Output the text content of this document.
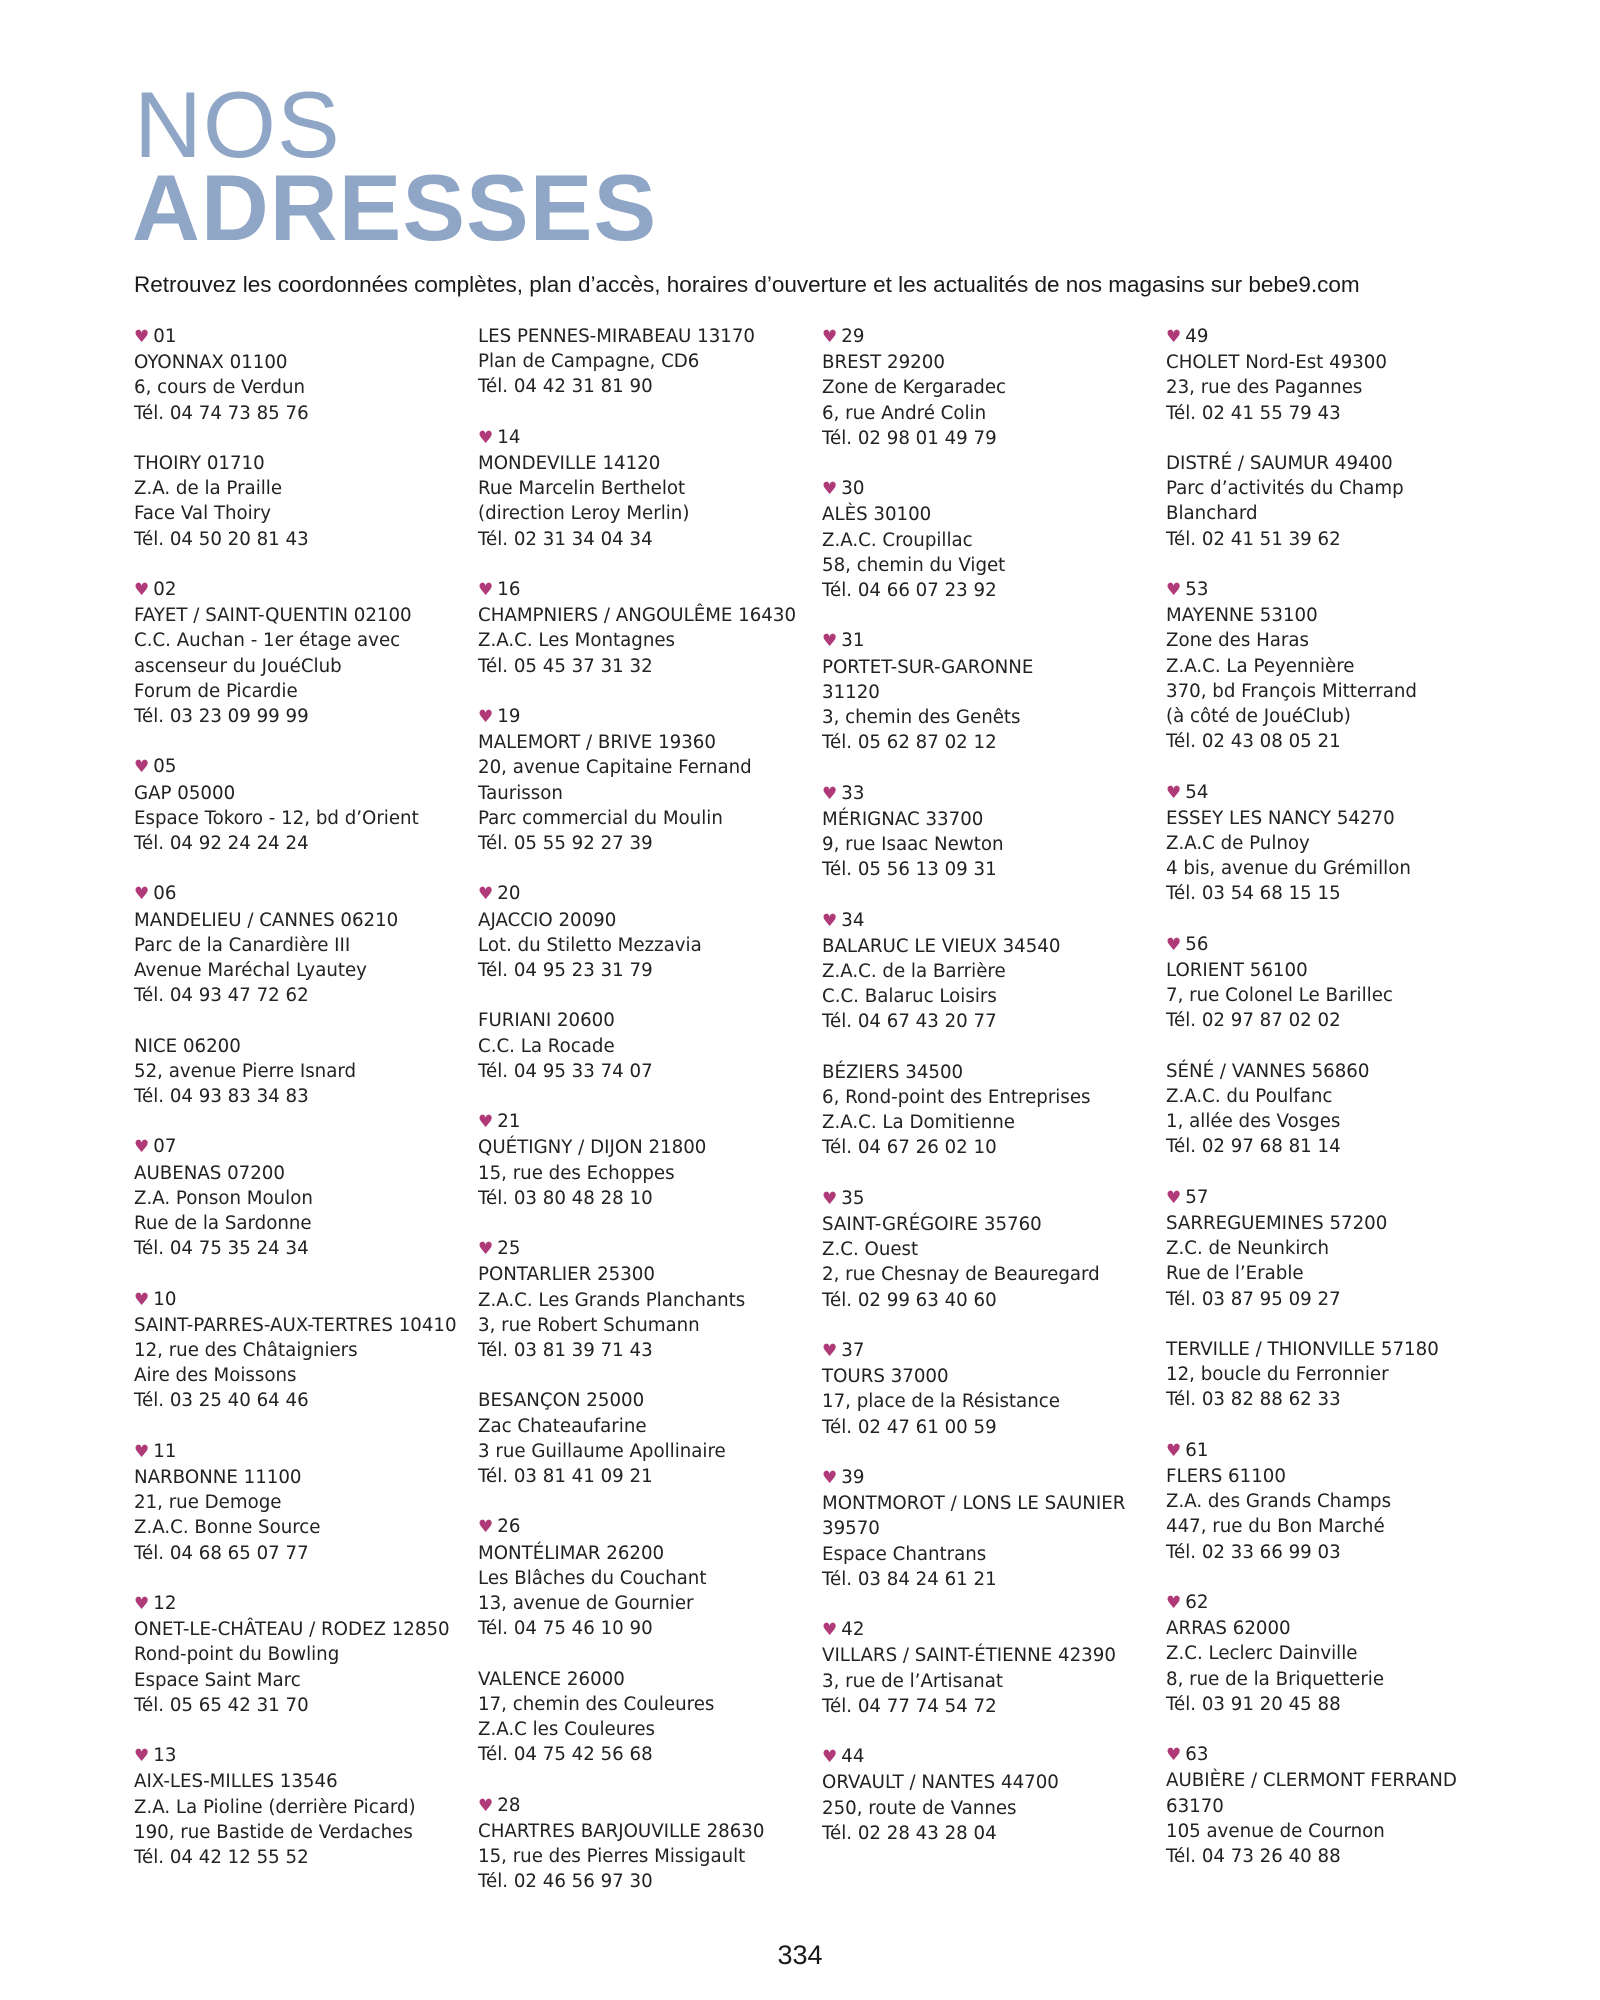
NOS
ADRESSES

Retrouvez les coordonnées complètes, plan d’accès, horaires d’ouverture et les actualités de nos magasins sur bebe9.com

♥ 01
OYONNAX 01100
6, cours de Verdun
Tél. 04 74 73 85 76
THOIRY 01710
Z.A. de la Praille
Face Val Thoiry
Tél. 04 50 20 81 43
♥ 02
FAYET / SAINT-QUENTIN 02100
C.C. Auchan - 1er étage avec
ascenseur du JouéClub
Forum de Picardie
Tél. 03 23 09 99 99
♥ 05
GAP 05000
Espace Tokoro - 12, bd d’Orient
Tél. 04 92 24 24 24
♥ 06
MANDELIEU / CANNES 06210
Parc de la Canardière III
Avenue Maréchal Lyautey
Tél. 04 93 47 72 62
NICE 06200
52, avenue Pierre Isnard
Tél. 04 93 83 34 83
♥ 07
AUBENAS 07200
Z.A. Ponson Moulon
Rue de la Sardonne
Tél. 04 75 35 24 34
♥ 10
SAINT-PARRES-AUX-TERTRES 10410
12, rue des Châtaigniers
Aire des Moissons
Tél. 03 25 40 64 46
♥ 11
NARBONNE 11100
21, rue Demoge
Z.A.C. Bonne Source
Tél. 04 68 65 07 77
♥ 12
ONET-LE-CHÂTEAU / RODEZ 12850
Rond-point du Bowling
Espace Saint Marc
Tél. 05 65 42 31 70
♥ 13
AIX-LES-MILLES 13546
Z.A. La Pioline (derrière Picard)
190, rue Bastide de Verdaches
Tél. 04 42 12 55 52
LES PENNES-MIRABEAU 13170
Plan de Campagne, CD6
Tél. 04 42 31 81 90
♥ 14
MONDEVILLE 14120
Rue Marcelin Berthelot
(direction Leroy Merlin)
Tél. 02 31 34 04 34
♥ 16
CHAMPNIERS / ANGOULÊME 16430
Z.A.C. Les Montagnes
Tél. 05 45 37 31 32
♥ 19
MALEMORT / BRIVE 19360
20, avenue Capitaine Fernand
Taurisson
Parc commercial du Moulin
Tél. 05 55 92 27 39
♥ 20
AJACCIO 20090
Lot. du Stiletto Mezzavia
Tél. 04 95 23 31 79
FURIANI 20600
C.C. La Rocade
Tél. 04 95 33 74 07
♥ 21
QUÉTIGNY / DIJON 21800
15, rue des Echoppes
Tél. 03 80 48 28 10
♥ 25
PONTARLIER 25300
Z.A.C. Les Grands Planchants
3, rue Robert Schumann
Tél. 03 81 39 71 43
BESANÇON 25000
Zac Chateaufarine
3 rue Guillaume Apollinaire
Tél. 03 81 41 09 21
♥ 26
MONTÉLIMAR 26200
Les Blâches du Couchant
13, avenue de Gournier
Tél. 04 75 46 10 90
VALENCE 26000
17, chemin des Couleures
Z.A.C les Couleures
Tél. 04 75 42 56 68
♥ 28
CHARTRES BARJOUVILLE 28630
15, rue des Pierres Missigault
Tél. 02 46 56 97 30
♥ 29
BREST 29200
Zone de Kergaradec
6, rue André Colin
Tél. 02 98 01 49 79
♥ 30
ALÈS 30100
Z.A.C. Croupillac
58, chemin du Viget
Tél. 04 66 07 23 92
♥ 31
PORTET-SUR-GARONNE
31120
3, chemin des Genêts
Tél. 05 62 87 02 12
♥ 33
MÉRIGNAC 33700
9, rue Isaac Newton
Tél. 05 56 13 09 31
♥ 34
BALARUC LE VIEUX 34540
Z.A.C. de la Barrière
C.C. Balaruc Loisirs
Tél. 04 67 43 20 77
BÉZIERS 34500
6, Rond-point des Entreprises
Z.A.C. La Domitienne
Tél. 04 67 26 02 10
♥ 35
SAINT-GRÉGOIRE 35760
Z.C. Ouest
2, rue Chesnay de Beauregard
Tél. 02 99 63 40 60
♥ 37
TOURS 37000
17, place de la Résistance
Tél. 02 47 61 00 59
♥ 39
MONTMOROT / LONS LE SAUNIER
39570
Espace Chantrans
Tél. 03 84 24 61 21
♥ 42
VILLARS / SAINT-ÉTIENNE 42390
3, rue de l’Artisanat
Tél. 04 77 74 54 72
♥ 44
ORVAULT / NANTES 44700
250, route de Vannes
Tél. 02 28 43 28 04
♥ 49
CHOLET Nord-Est 49300
23, rue des Pagannes
Tél. 02 41 55 79 43
DISTRÉ / SAUMUR 49400
Parc d’activités du Champ
Blanchard
Tél. 02 41 51 39 62
♥ 53
MAYENNE 53100
Zone des Haras
Z.A.C. La Peyennière
370, bd François Mitterrand
(à côté de JouéClub)
Tél. 02 43 08 05 21
♥ 54
ESSEY LES NANCY 54270
Z.A.C de Pulnoy
4 bis, avenue du Grémillon
Tél. 03 54 68 15 15
♥ 56
LORIENT 56100
7, rue Colonel Le Barillec
Tél. 02 97 87 02 02
SÉNÉ / VANNES 56860
Z.A.C. du Poulfanc
1, allée des Vosges
Tél. 02 97 68 81 14
♥ 57
SARREGUEMINES 57200
Z.C. de Neunkirch
Rue de l’Erable
Tél. 03 87 95 09 27
TERVILLE / THIONVILLE 57180
12, boucle du Ferronnier
Tél. 03 82 88 62 33
♥ 61
FLERS 61100
Z.A. des Grands Champs
447, rue du Bon Marché
Tél. 02 33 66 99 03
♥ 62
ARRAS 62000
Z.C. Leclerc Dainville
8, rue de la Briquetterie
Tél. 03 91 20 45 88
♥ 63
AUBIÈRE / CLERMONT FERRAND
63170
105 avenue de Cournon
Tél. 04 73 26 40 88
334
